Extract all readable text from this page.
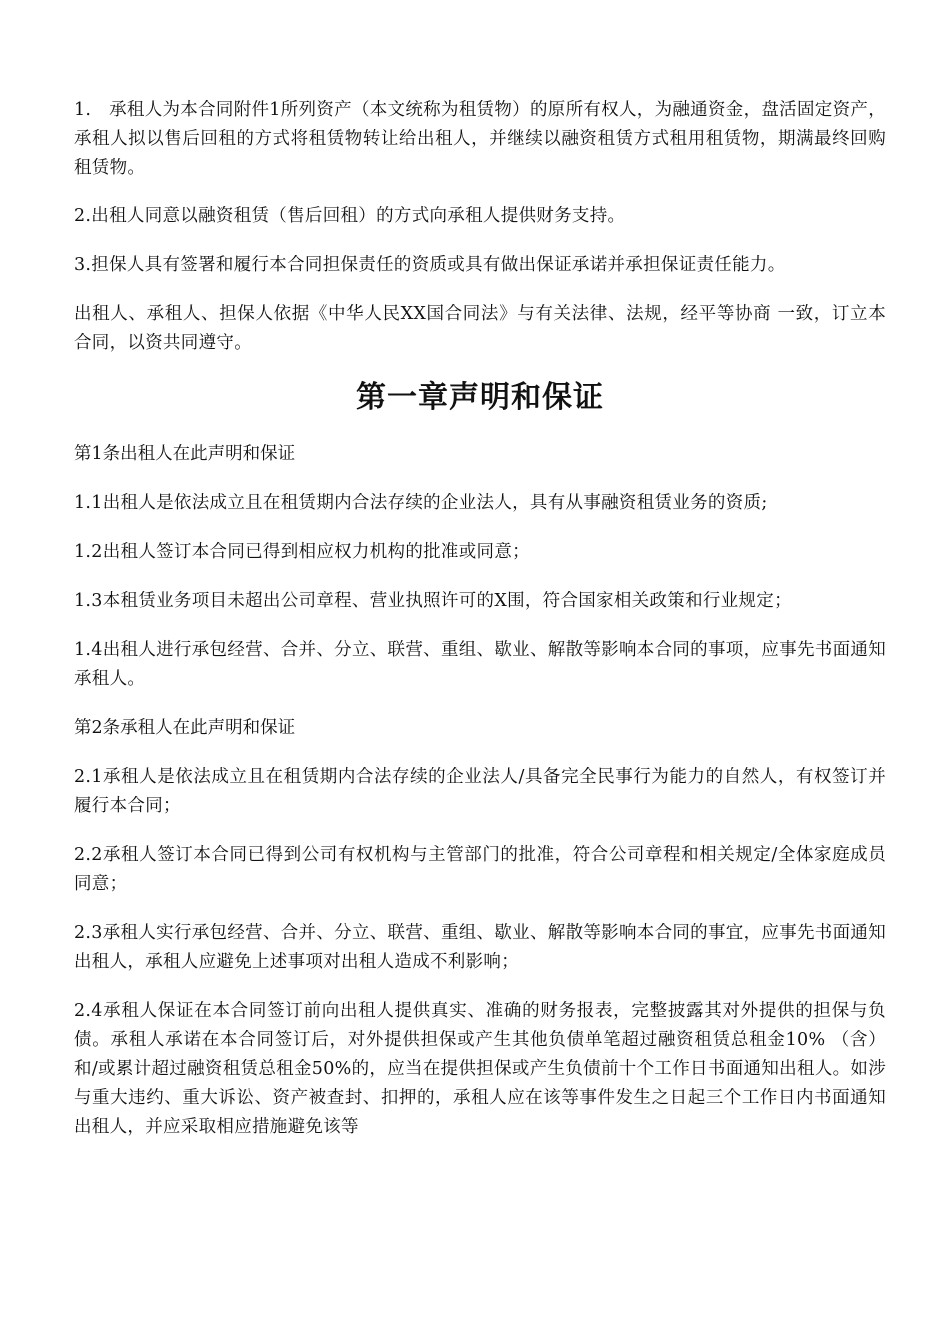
1.　承租人为本合同附件1所列资产（本文统称为租赁物）的原所有权人，为融通资金，盘活固定资产，承租人拟以售后回租的方式将租赁物转让给出租人，并继续以融资租赁方式租用租赁物，期满最终回购租赁物。

2.出租人同意以融资租赁（售后回租）的方式向承租人提供财务支持。

3.担保人具有签署和履行本合同担保责任的资质或具有做出保证承诺并承担保证责任能力。

出租人、承租人、担保人依据《中华人民XX国合同法》与有关法律、法规，经平等协商 一致，订立本合同，以资共同遵守。

第一章声明和保证

第1条出租人在此声明和保证

1.1出租人是依法成立且在租赁期内合法存续的企业法人，具有从事融资租赁业务的资质;

1.2出租人签订本合同已得到相应权力机构的批准或同意；

1.3本租赁业务项目未超出公司章程、营业执照许可的X围，符合国家相关政策和行业规定；

1.4出租人进行承包经营、合并、分立、联营、重组、歇业、解散等影响本合同的事项，应事先书面通知承租人。

第2条承租人在此声明和保证

2.1承租人是依法成立且在租赁期内合法存续的企业法人/具备完全民事行为能力的自然人，有权签订并履行本合同；

2.2承租人签订本合同已得到公司有权机构与主管部门的批准，符合公司章程和相关规定/全体家庭成员同意；

2.3承租人实行承包经营、合并、分立、联营、重组、歇业、解散等影响本合同的事宜，应事先书面通知出租人，承租人应避免上述事项对出租人造成不利影响；

2.4承租人保证在本合同签订前向出租人提供真实、准确的财务报表，完整披露其对外提供的担保与负债。承租人承诺在本合同签订后，对外提供担保或产生其他负债单笔超过融资租赁总租金10% （含）和/或累计超过融资租赁总租金50%的，应当在提供担保或产生负债前十个工作日书面通知出租人。如涉与重大违约、重大诉讼、资产被查封、扣押的，承租人应在该等事件发生之日起三个工作日内书面通知出租人，并应采取相应措施避免该等
